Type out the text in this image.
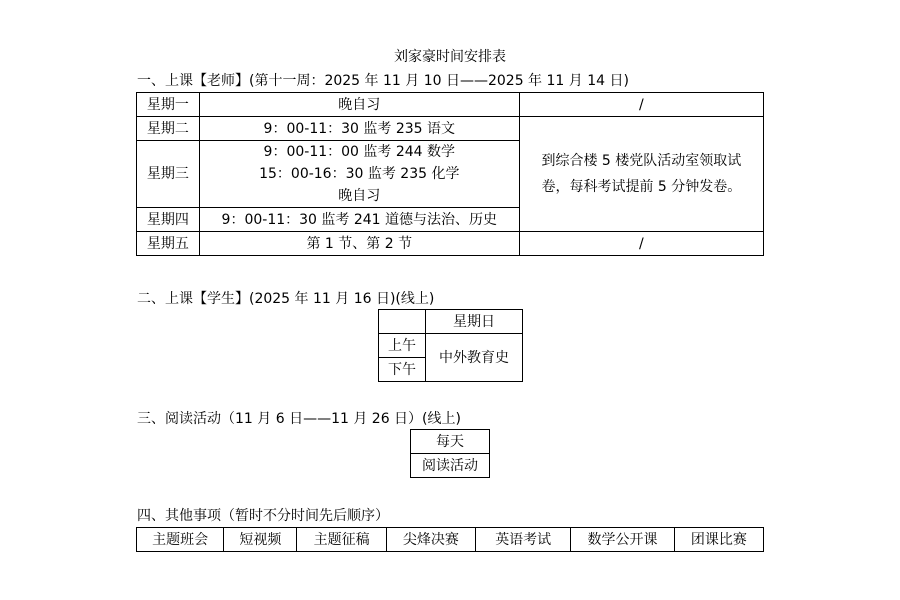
刘家豪时间安排表
一、上课【老师】(第十一周：2025 年 11 月 10 日——2025 年 11 月 14 日)
星期一	晚自习	/
星期二	9：00-11：30 监考 235 语文	到综合楼 5 楼党队活动室领取试
卷，每科考试提前 5 分钟发卷。

星期三	9：00-11：00 监考 244 数学
15：00-16：30 监考 235 化学
晚自习	

星期四	9：00-11：30 监考 241 道德与法治、历史	
星期五	第 1 节、第 2 节	/
二、上课【学生】(2025 年 11 月 16 日)(线上)
	星期日
上午	中外教育史
下午	
三、阅读活动（11 月 6 日——11 月 26 日）(线上)
每天
阅读活动
四、其他事项（暂时不分时间先后顺序）
主题班会	短视频	主题征稿	尖烽决赛	英语考试	数学公开课	团课比赛
